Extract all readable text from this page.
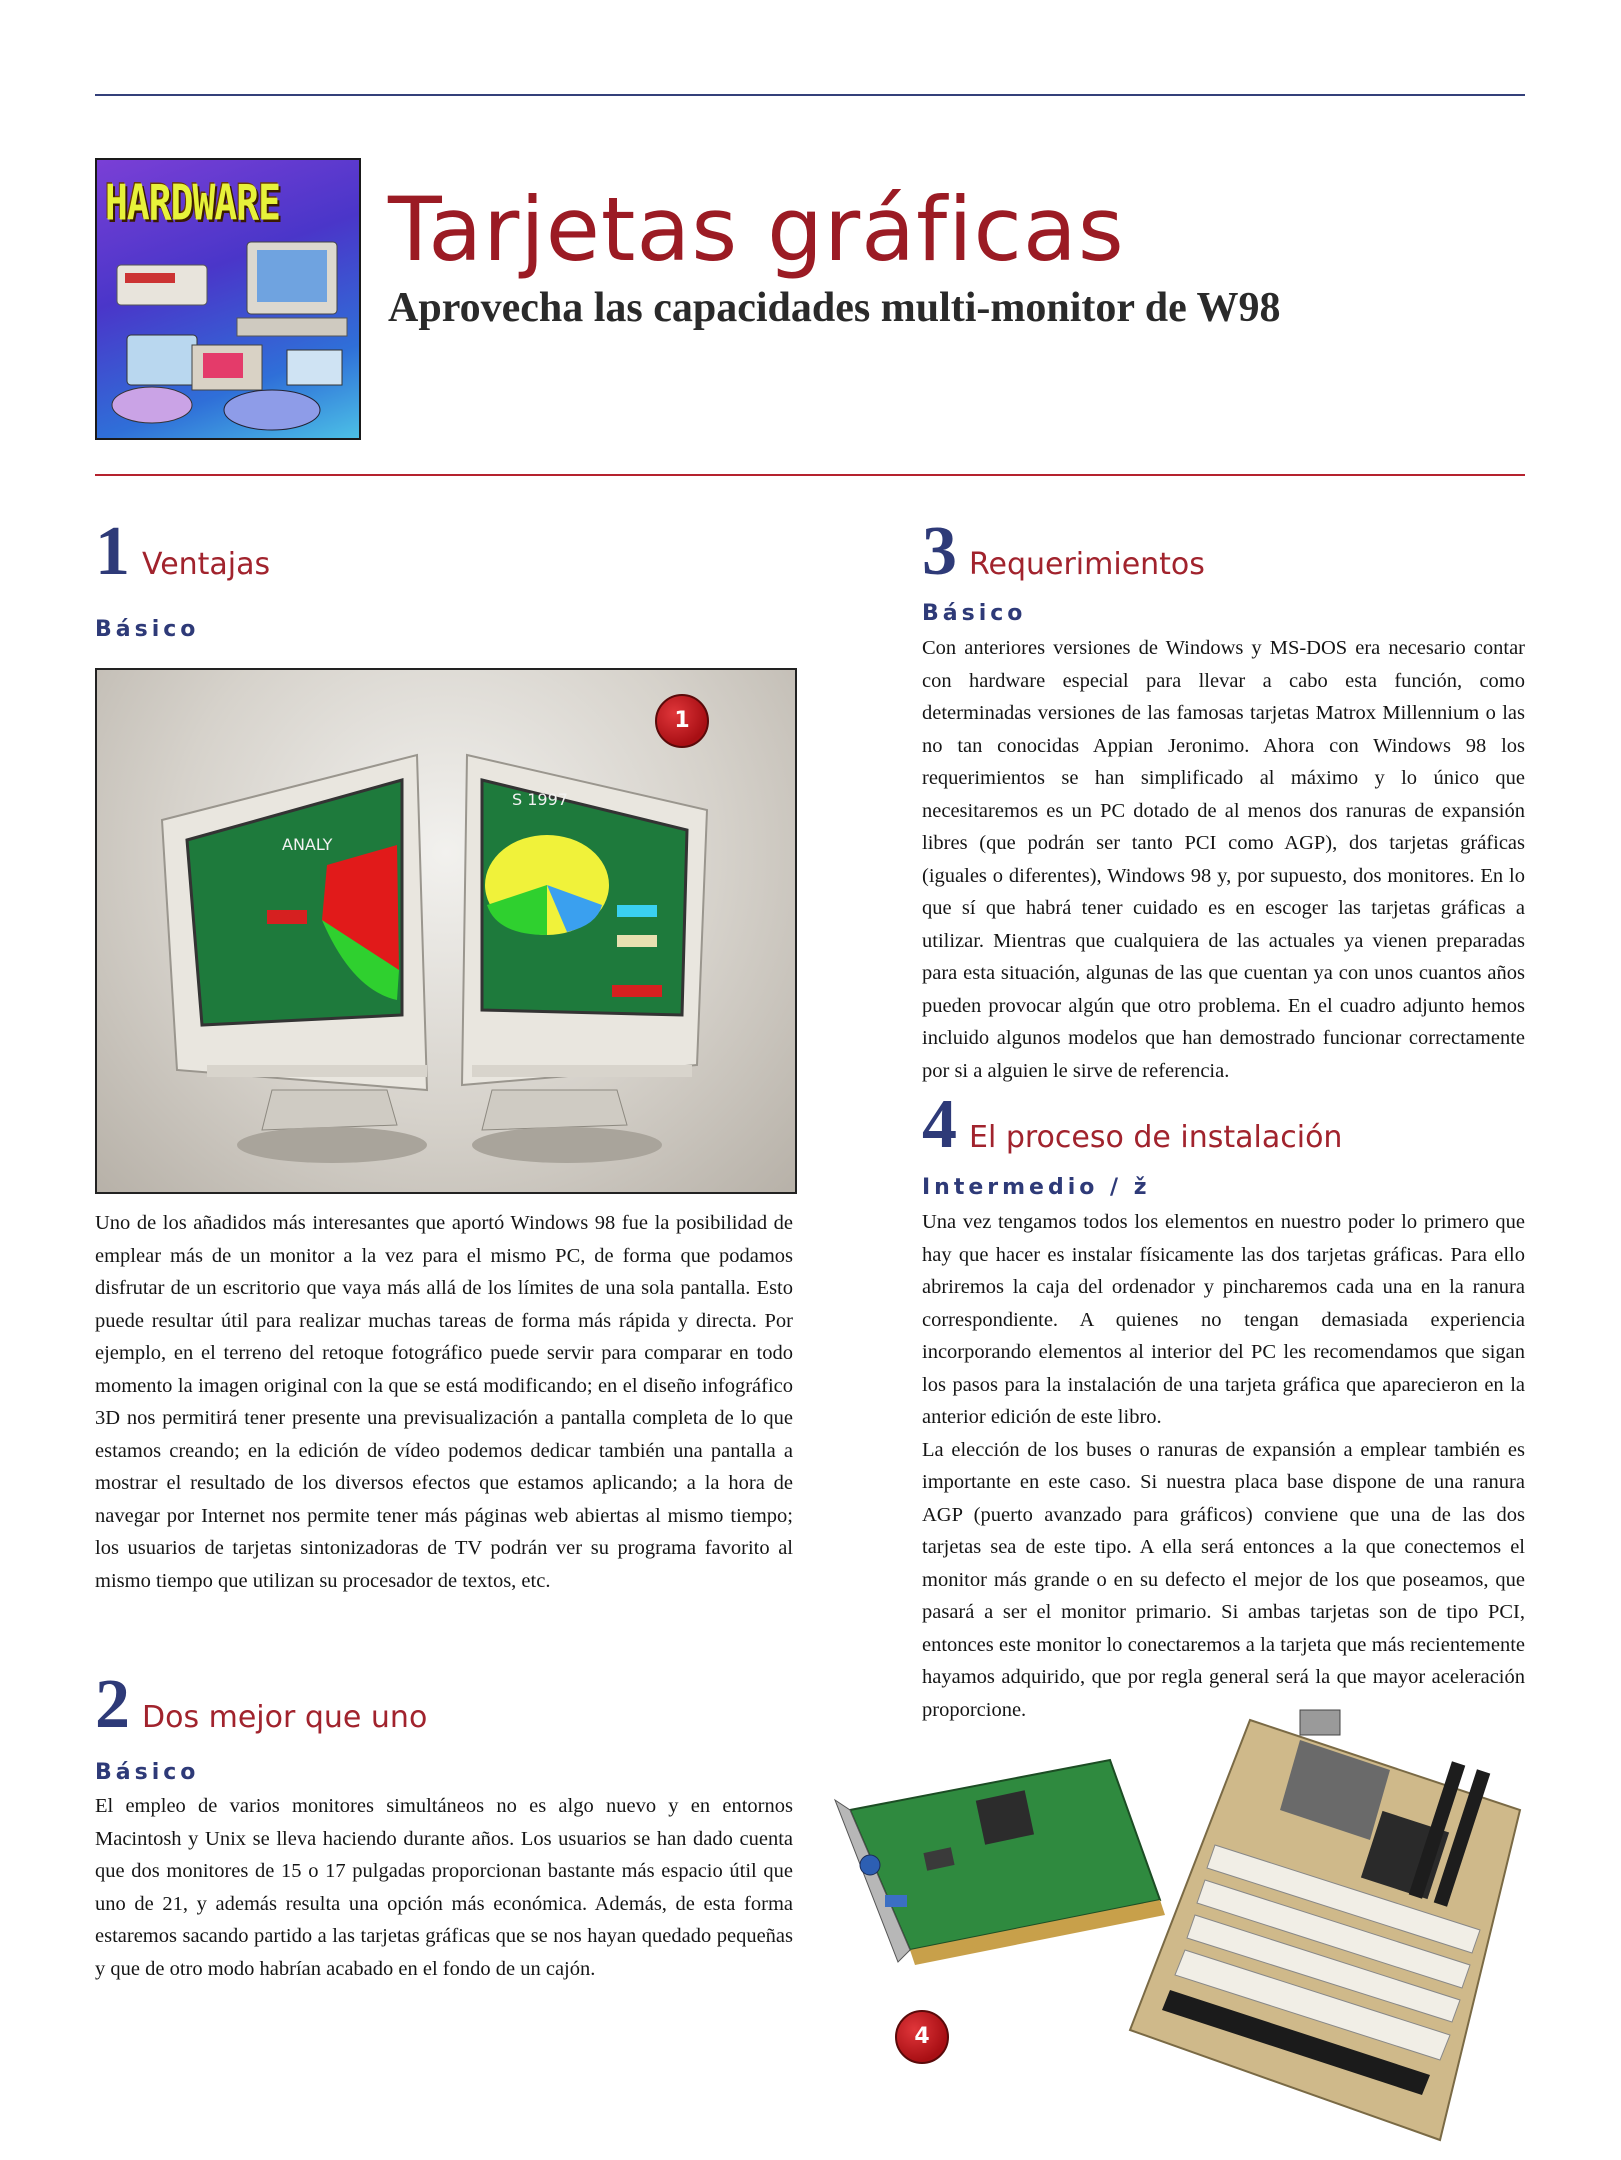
HARDWARE	Tarjetas gráficas
Aprovecha las capacidades multi-monitor de W98
1 Ventajas
Básico
ANALY
S 1997
1

Uno de los añadidos más interesantes que aportó Windows 98 fue la posibilidad de emplear más de un monitor a la vez para el mismo PC, de forma que podamos disfrutar de un escritorio que vaya más allá de los límites de una sola pantalla. Esto puede resultar útil para realizar muchas tareas de forma más rápida y directa. Por ejemplo, en el terreno del retoque fotográfico puede servir para comparar en todo momento la imagen original con la que se está modificando; en el diseño infográfico 3D nos permitirá tener presente una previsualización a pantalla completa de lo que estamos creando; en la edición de vídeo podemos dedicar también una pantalla a mostrar el resultado de los diversos efectos que estamos aplicando; a la hora de navegar por Internet nos permite tener más páginas web abiertas al mismo tiempo; los usuarios de tarjetas sintonizadoras de TV podrán ver su programa favorito al mismo tiempo que utilizan su procesador de textos, etc.

2 Dos mejor que uno
Básico

El empleo de varios monitores simultáneos no es algo nuevo y en entornos Macintosh y Unix se lleva haciendo durante años. Los usuarios se han dado cuenta que dos monitores de 15 o 17 pulgadas proporcionan bastante más espacio útil que uno de 21, y además resulta una opción más económica. Además, de esta forma estaremos sacando partido a las tarjetas gráficas que se nos hayan quedado pequeñas y que de otro modo habrían acabado en el fondo de un cajón.

3 Requerimientos
Básico

Con anteriores versiones de Windows y MS-DOS era necesario contar con hardware especial para llevar a cabo esta función, como determinadas versiones de las famosas tarjetas Matrox Millennium o las no tan conocidas Appian Jeronimo. Ahora con Windows 98 los requerimientos se han simplificado al máximo y lo único que necesitaremos es un PC dotado de al menos dos ranuras de expansión libres (que podrán ser tanto PCI como AGP), dos tarjetas gráficas (iguales o diferentes), Windows 98 y, por supuesto, dos monitores. En lo que sí que habrá tener cuidado es en escoger las tarjetas gráficas a utilizar. Mientras que cualquiera de las actuales ya vienen preparadas para esta situación, algunas de las que cuentan ya con unos cuantos años pueden provocar algún que otro problema. En el cuadro adjunto hemos incluido algunos modelos que han demostrado funcionar correctamente por si a alguien le sirve de referencia.

4 El proceso de instalación
Intermedio / ž

Una vez tengamos todos los elementos en nuestro poder lo primero que hay que hacer es instalar físicamente las dos tarjetas gráficas. Para ello abriremos la caja del ordenador y pincharemos cada una en la ranura correspondiente. A quienes no tengan demasiada experiencia incorporando elementos al interior del PC les recomendamos que sigan los pasos para la instalación de una tarjeta gráfica que aparecieron en la anterior edición de este libro.

La elección de los buses o ranuras de expansión a emplear también es importante en este caso. Si nuestra placa base dispone de una ranura AGP (puerto avanzado para gráficos) conviene que una de las dos tarjetas sea de este tipo. A ella será entonces a la que conectemos el monitor más grande o en su defecto el mejor de los que poseamos, que pasará a ser el monitor primario. Si ambas tarjetas son de tipo PCI, entonces este monitor lo conectaremos a la tarjeta que más recientemente hayamos adquirido, que por regla general será la que mayor aceleración proporcione.

4
